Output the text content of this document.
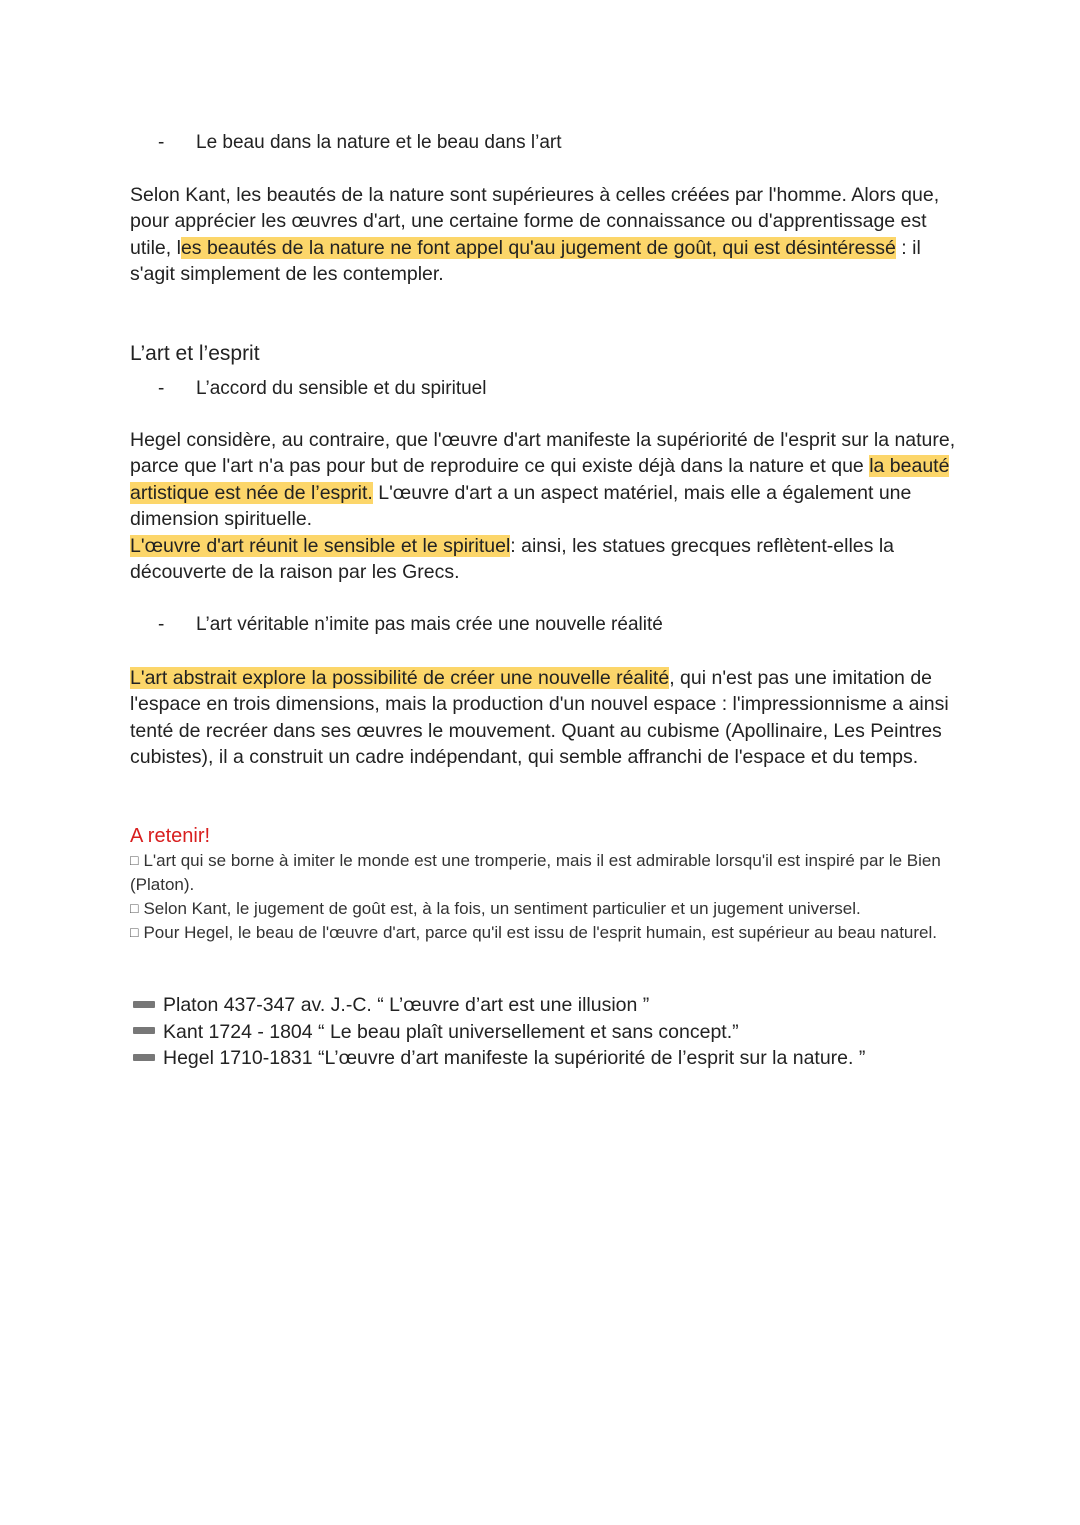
- Le beau dans la nature et le beau dans l’art

Selon Kant, les beautés de la nature sont supérieures à celles créées par l'homme. Alors que, pour apprécier les œuvres d'art, une certaine forme de connaissance ou d'apprentissage est utile, les beautés de la nature ne font appel qu'au jugement de goût, qui est désintéressé : il s'agit simplement de les contempler.

L’art et l’esprit
- L’accord du sensible et du spirituel

Hegel considère, au contraire, que l'œuvre d'art manifeste la supériorité de l'esprit sur la nature, parce que l'art n'a pas pour but de reproduire ce qui existe déjà dans la nature et que la beauté artistique est née de l’esprit. L'œuvre d'art a un aspect matériel, mais elle a également une dimension spirituelle.

L'œuvre d'art réunit le sensible et le spirituel: ainsi, les statues grecques reflètent-elles la découverte de la raison par les Grecs.

- L’art véritable n’imite pas mais crée une nouvelle réalité

L'art abstrait explore la possibilité de créer une nouvelle réalité, qui n'est pas une imitation de l'espace en trois dimensions, mais la production d'un nouvel espace : l'impressionnisme a ainsi tenté de recréer dans ses œuvres le mouvement. Quant au cubisme (Apollinaire, Les Peintres cubistes), il a construit un cadre indépendant, qui semble affranchi de l'espace et du temps.

A retenir!

□ L'art qui se borne à imiter le monde est une tromperie, mais il est admirable lorsqu'il est inspiré par le Bien (Platon).

□ Selon Kant, le jugement de goût est, à la fois, un sentiment particulier et un jugement universel.

□ Pour Hegel, le beau de l'œuvre d'art, parce qu'il est issu de l'esprit humain, est supérieur au beau naturel.

Platon 437-347 av. J.-C. “ L’œuvre d’art est une illusion ”
Kant 1724 - 1804 “ Le beau plaît universellement et sans concept.”
Hegel 1710-1831 “L’œuvre d’art manifeste la supériorité de l’esprit sur la nature. ”
